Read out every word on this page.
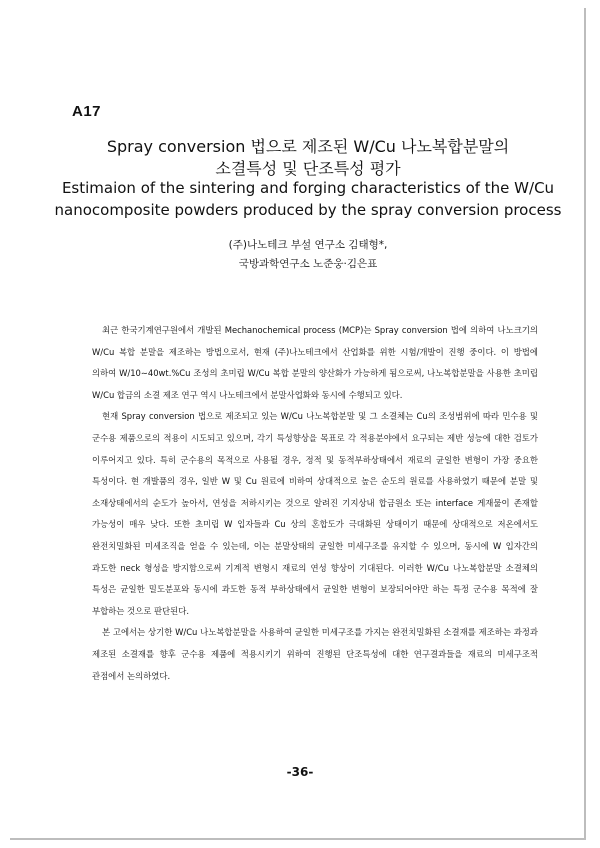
A17
Spray conversion 법으로 제조된 W/Cu 나노복합분말의
소결특성 및 단조특성 평가
Estimaion of the sintering and forging characteristics of the W/Cu
nanocomposite powders produced by the spray conversion process
(주)나노테크 부설 연구소 김태형*,
국방과학연구소 노준웅·김은표

최근 한국기계연구원에서 개발된 Mechanochemical process (MCP)는 Spray conversion 법에 의하여 나노크기의 W/Cu 복합 분말을 제조하는 방법으로서, 현재 (주)나노테크에서 산업화를 위한 시험/개발이 진행 중이다. 이 방법에 의하여 W/10∼40wt.%Cu 조성의 초미립 W/Cu 복합 분말의 양산화가 가능하게 됨으로써, 나노복합분말을 사용한 초미립 W/Cu 합금의 소결 제조 연구 역시 나노테크에서 분말사업화와 동시에 수행되고 있다.

현재 Spray conversion 법으로 제조되고 있는 W/Cu 나노복합분말 및 그 소결체는 Cu의 조성범위에 따라 민수용 및 군수용 제품으로의 적용이 시도되고 있으며, 각기 특성향상을 목표로 각 적용분야에서 요구되는 제반 성능에 대한 검토가 이루어지고 있다. 특히 군수용의 목적으로 사용될 경우, 정적 및 동적부하상태에서 재료의 균일한 변형이 가장 중요한 특성이다. 현 개발품의 경우, 일반 W 및 Cu 원료에 비하여 상대적으로 높은 순도의 원료를 사용하였기 때문에 분말 및 소재상태에서의 순도가 높아서, 연성을 저하시키는 것으로 알려진 기지상내 합금원소 또는 interface 게재물이 존재할 가능성이 매우 낮다. 또한 초미립 W 입자들과 Cu 상의 혼합도가 극대화된 상태이기 때문에 상대적으로 저온에서도 완전치밀화된 미세조직을 얻을 수 있는데, 이는 분말상태의 균일한 미세구조를 유지할 수 있으며, 동시에 W 입자간의 과도한 neck 형성을 방지함으로써 기계적 변형시 재료의 연성 향상이 기대된다. 이러한 W/Cu 나노복합분말 소결체의 특성은 균일한 밀도분포와 동시에 과도한 동적 부하상태에서 균일한 변형이 보장되어야만 하는 특정 군수용 목적에 잘 부합하는 것으로 판단된다.

본 고에서는 상기한 W/Cu 나노복합분말을 사용하여 균일한 미세구조를 가지는 완전치밀화된 소결재를 제조하는 과정과 제조된 소결재를 향후 군수용 제품에 적용시키기 위하여 진행된 단조특성에 대한 연구결과들을 재료의 미세구조적 관점에서 논의하였다.

-36-
